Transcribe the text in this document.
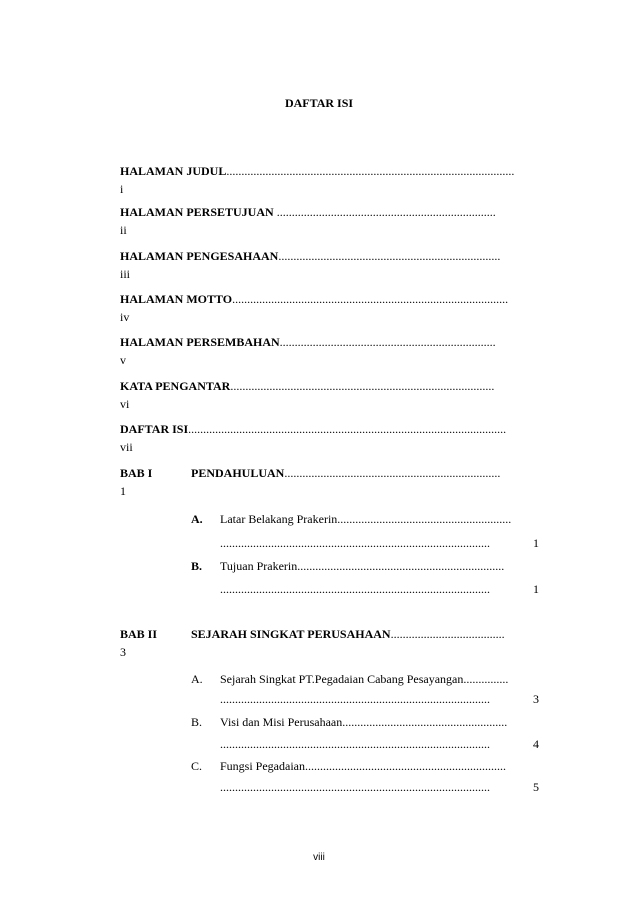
DAFTAR ISI
HALAMAN JUDUL................................................................................................
i
HALAMAN PERSETUJUAN .........................................................................
ii
HALAMAN PENGESAHAAN..........................................................................
iii
HALAMAN MOTTO............................................................................................
iv
HALAMAN PERSEMBAHAN........................................................................
v
KATA PENGANTAR........................................................................................
vi
DAFTAR ISI..........................................................................................................
vii
BAB I	PENDAHULUAN........................................................................
1
A. Latar Belakang Prakerin..........................................................
..........................................................................................	1
B. Tujuan Prakerin.....................................................................
..........................................................................................	1
BAB II	SEJARAH SINGKAT PERUSAHAAN......................................
3
A. Sejarah Singkat PT.Pegadaian Cabang Pesayangan...............
..........................................................................................	3
B. Visi dan Misi Perusahaan.......................................................
..........................................................................................	4
C. Fungsi Pegadaian...................................................................
..........................................................................................	5
viii
